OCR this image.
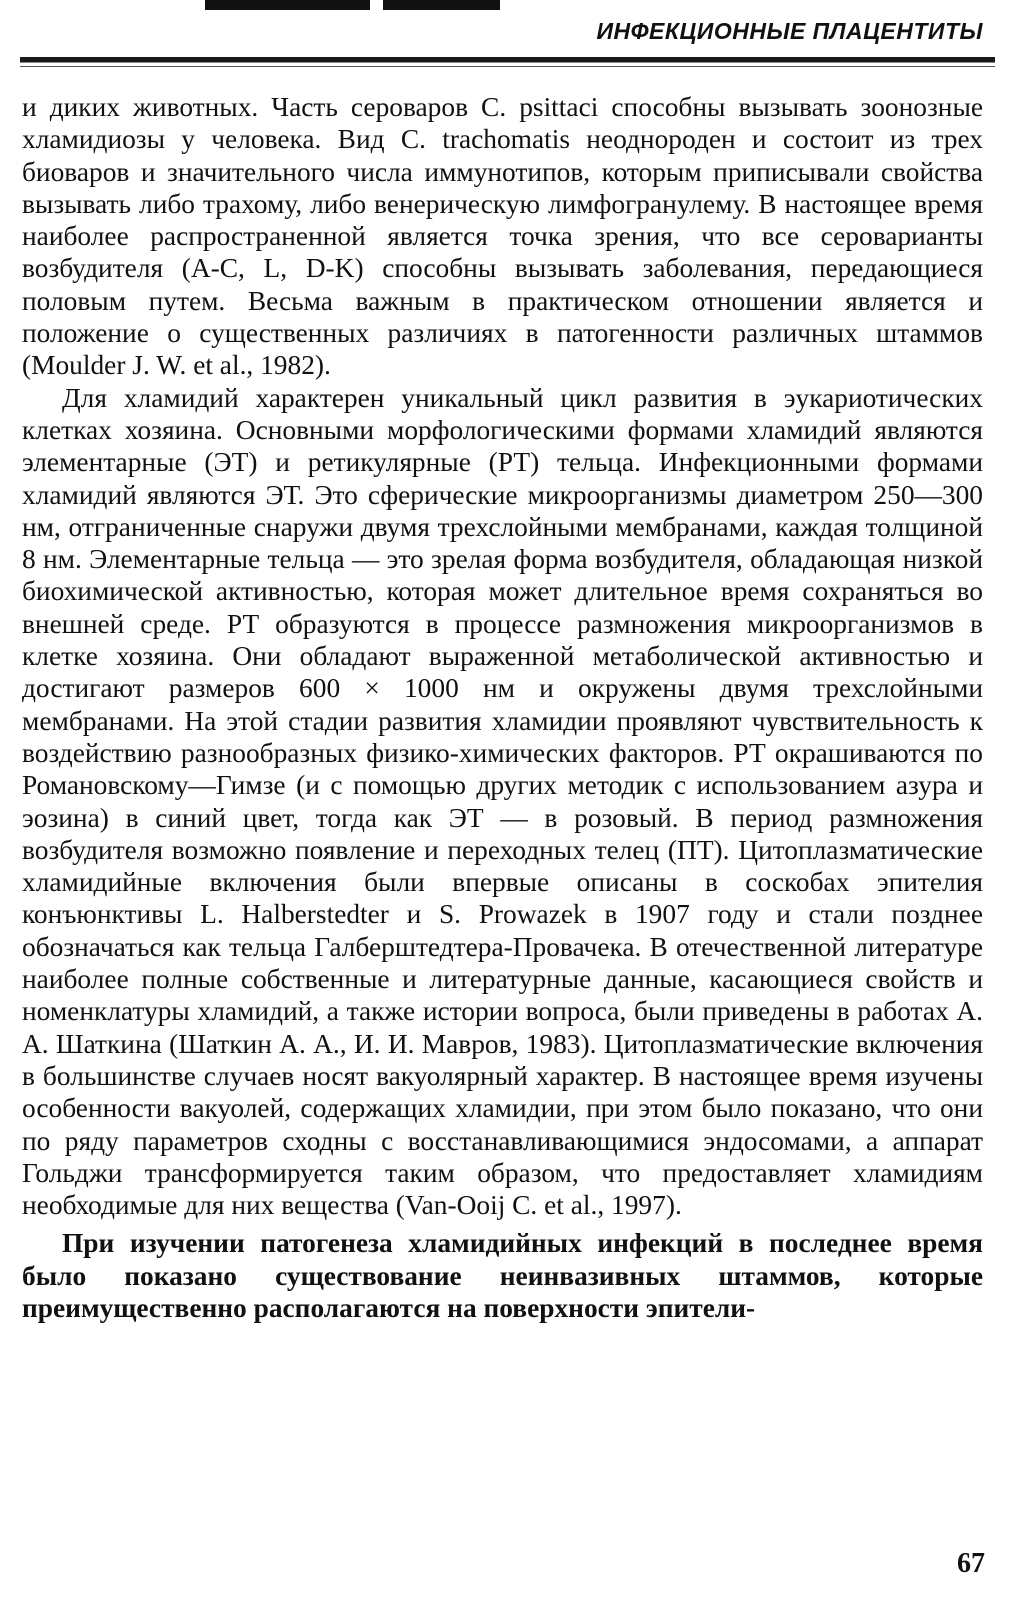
ИНФЕКЦИОННЫЕ ПЛАЦЕНТИТЫ

и диких животных. Часть сероваров C. psittaci способны вызывать зоонозные хламидиозы у человека. Вид C. trachomatis неоднороден и состоит из трех биоваров и значительного числа иммунотипов, которым приписывали свойства вызывать либо трахому, либо венерическую лимфогранулему. В настоящее время наиболее распространенной является точка зрения, что все сероварианты возбудителя (A-C, L, D-K) способны вызывать заболевания, передающиеся половым путем. Весьма важным в практическом отношении является и положение о существенных различиях в патогенности различных штаммов (Moulder J. W. et al., 1982).

Для хламидий характерен уникальный цикл развития в эукариотических клетках хозяина. Основными морфологическими формами хламидий являются элементарные (ЭТ) и ретикулярные (РТ) тельца. Инфекционными формами хламидий являются ЭТ. Это сферические микроорганизмы диаметром 250—300 нм, отграниченные снаружи двумя трехслойными мембранами, каждая толщиной 8 нм. Элементарные тельца — это зрелая форма возбудителя, обладающая низкой биохимической активностью, которая может длительное время сохраняться во внешней среде. РТ образуются в процессе размножения микроорганизмов в клетке хозяина. Они обладают выраженной метаболической активностью и достигают размеров 600 × 1000 нм и окружены двумя трехслойными мембранами. На этой стадии развития хламидии проявляют чувствительность к воздействию разнообразных физико-химических факторов. РТ окрашиваются по Романовскому—Гимзе (и с помощью других методик с использованием азура и эозина) в синий цвет, тогда как ЭТ — в розовый. В период размножения возбудителя возможно появление и переходных телец (ПТ). Цитоплазматические хламидийные включения были впервые описаны в соскобах эпителия конъюнктивы L. Halberstedter и S. Prowazek в 1907 году и стали позднее обозначаться как тельца Галберштедтера-Провачека. В отечественной литературе наиболее полные собственные и литературные данные, касающиеся свойств и номенклатуры хламидий, а также истории вопроса, были приведены в работах А. А. Шаткина (Шаткин А. А., И. И. Мавров, 1983). Цитоплазматические включения в большинстве случаев носят вакуолярный характер. В настоящее время изучены особенности вакуолей, содержащих хламидии, при этом было показано, что они по ряду параметров сходны с восстанавливающимися эндосомами, а аппарат Гольджи трансформируется таким образом, что предоставляет хламидиям необходимые для них вещества (Van-Ooij C. et al., 1997).

При изучении патогенеза хламидийных инфекций в последнее время было показано существование неинвазивных штаммов, которые преимущественно располагаются на поверхности эпители-

67
